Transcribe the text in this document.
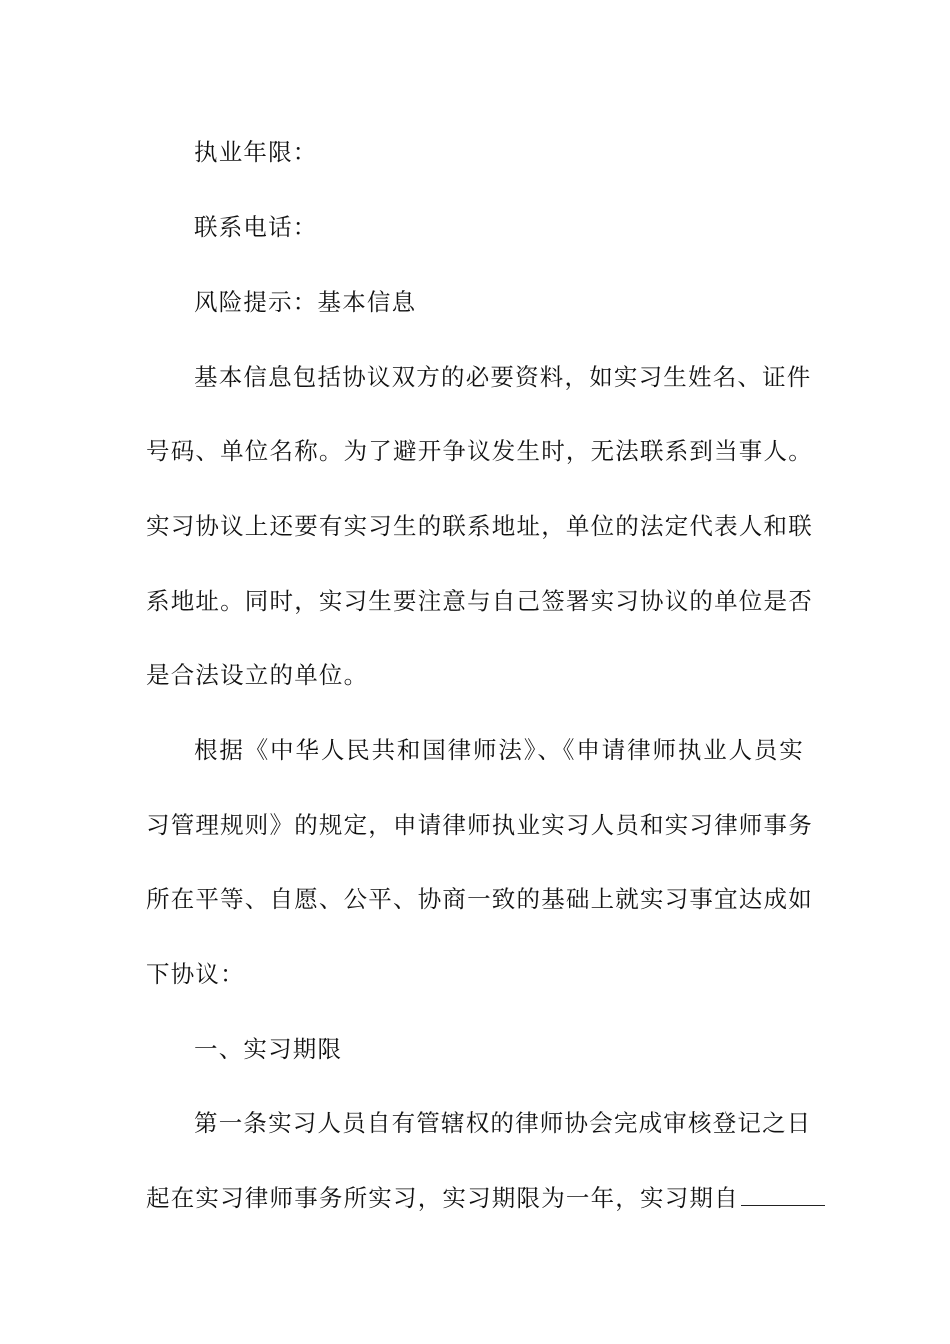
执业年限：
联系电话：
风险提示：基本信息
基本信息包括协议双方的必要资料，如实习生姓名、证件
号码、单位名称。为了避开争议发生时，无法联系到当事人。
实习协议上还要有实习生的联系地址，单位的法定代表人和联
系地址。同时，实习生要注意与自己签署实习协议的单位是否
是合法设立的单位。
根据《中华人民共和国律师法》、《申请律师执业人员实
习管理规则》的规定，申请律师执业实习人员和实习律师事务
所在平等、自愿、公平、协商一致的基础上就实习事宜达成如
下协议：
一、实习期限
第一条实习人员自有管辖权的律师协会完成审核登记之日
起在实习律师事务所实习，实习期限为一年，实习期自
